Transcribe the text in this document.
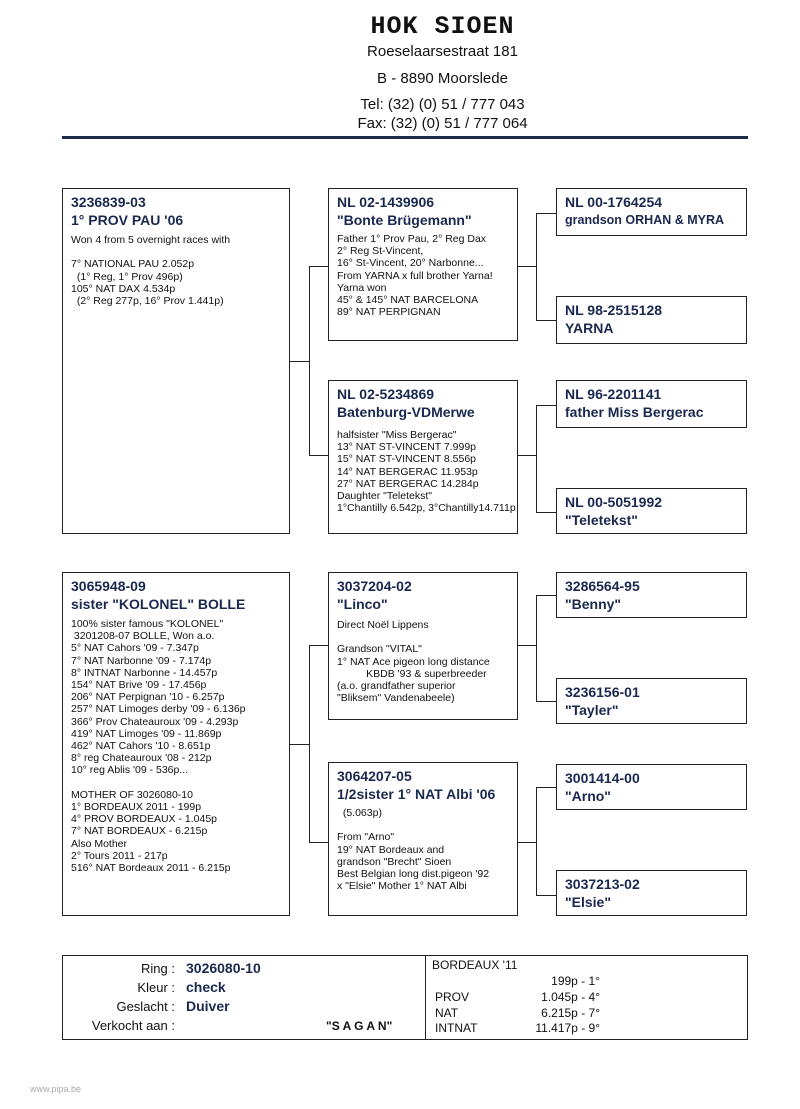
HOK SIOEN
Roeselaarsestraat 181
B - 8890 Moorslede
Tel: (32) (0) 51 / 777 043
Fax: (32) (0) 51 / 777 064
3236839-03
1° PROV PAU '06
Won 4 from 5 overnight races with

7° NATIONAL PAU 2.052p
(1° Reg, 1° Prov 496p)
105° NAT DAX 4.534p
(2° Reg 277p, 16° Prov 1.441p)
NL 02-1439906
"Bonte Brügemann"
Father 1° Prov Pau, 2° Reg Dax
2° Reg St-Vincent,
16° St-Vincent, 20° Narbonne...
From YARNA x full brother Yarna!
Yarna won
45° & 145° NAT BARCELONA
89° NAT PERPIGNAN
NL 00-1764254
grandson ORHAN & MYRA
NL 98-2515128
YARNA
NL 02-5234869
Batenburg-VDMerwe
halfsister "Miss Bergerac"
13° NAT ST-VINCENT 7.999p
15° NAT ST-VINCENT 8.556p
14° NAT BERGERAC 11.953p
27° NAT BERGERAC 14.284p
Daughter "Teletekst"
1°Chantilly 6.542p, 3°Chantilly14.711p
NL 96-2201141
father Miss Bergerac
NL 00-5051992
"Teletekst"
3065948-09
sister "KOLONEL" BOLLE
100% sister famous "KOLONEL"
3201208-07 BOLLE, Won a.o.
5° NAT Cahors '09 - 7.347p
7° NAT Narbonne '09 - 7.174p
8° INTNAT Narbonne - 14.457p
154° NAT Brive '09 - 17.456p
206° NAT Perpignan '10 - 6.257p
257° NAT Limoges derby '09 - 6.136p
366° Prov Chateauroux '09 - 4.293p
419° NAT Limoges '09 - 11.869p
462° NAT Cahors '10 - 8.651p
8° reg Chateauroux '08 - 212p
10° reg Ablis '09 - 536p...

MOTHER OF 3026080-10
1° BORDEAUX 2011 - 199p
4° PROV BORDEAUX - 1.045p
7° NAT BORDEAUX - 6.215p
Also Mother
2° Tours 2011 - 217p
516° NAT Bordeaux 2011 - 6.215p
3037204-02
"Linco"
Direct Noël Lippens

Grandson "VITAL"
1° NAT Ace pigeon long distance
KBDB '93 & superbreeder
(a.o. grandfather superior
"Bliksem" Vandenabeele)
3286564-95
"Benny"
3236156-01
"Tayler"
3064207-05
1/2sister 1° NAT Albi '06
(5.063p)

From "Arno"
19° NAT Bordeaux and
grandson "Brecht" Sioen
Best Belgian long dist.pigeon '92
x "Elsie" Mother 1° NAT Albi
3001414-00
"Arno"
3037213-02
"Elsie"
Ring : 3026080-10
Kleur : check
Geslacht : Duiver
Verkocht aan :	"S A G A N"
BORDEAUX '11
199p - 1°
PROV	1.045p - 4°
NAT	6.215p - 7°
INTNAT	11.417p - 9°
www.pipa.be
